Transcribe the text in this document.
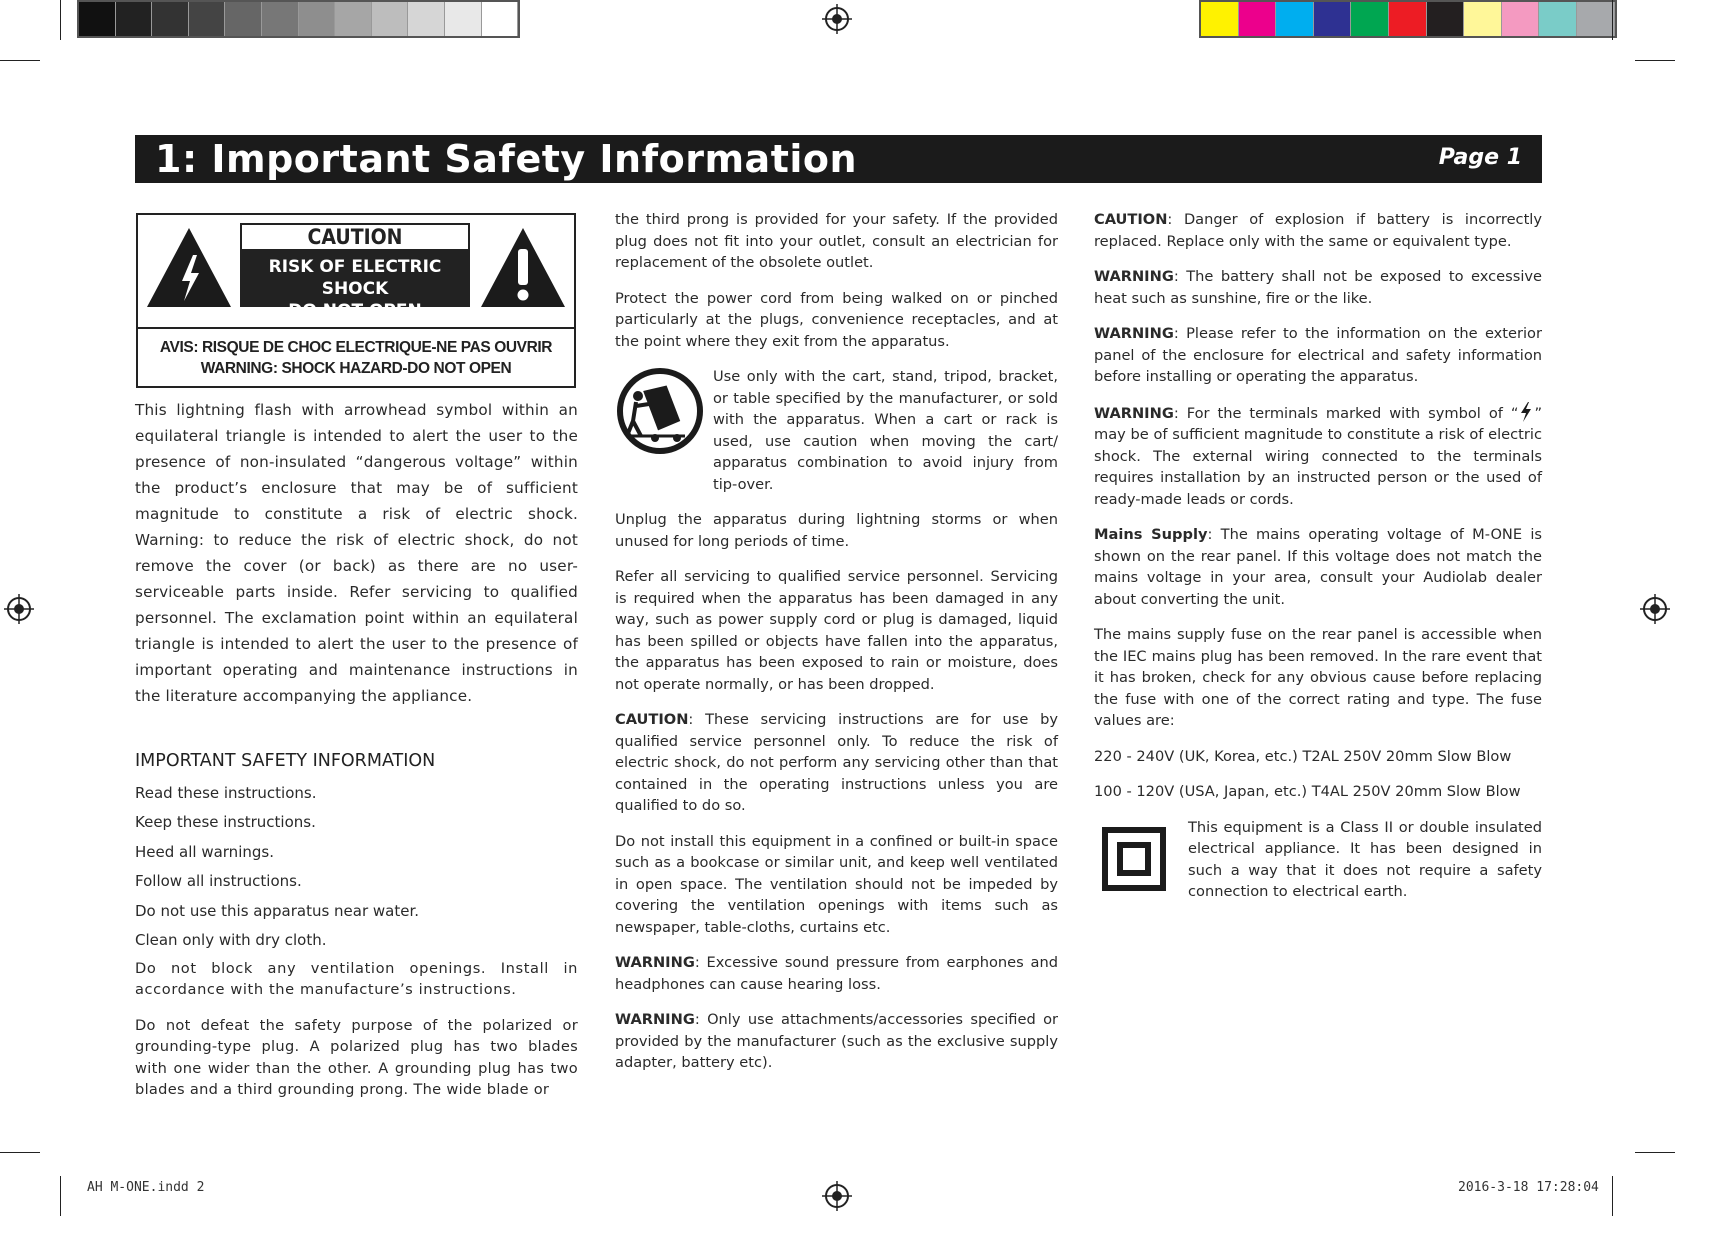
1: Important Safety Information	Page 1
CAUTION
RISK OF ELECTRIC SHOCK
DO NOT OPEN
AVIS: RISQUE DE CHOC ELECTRIQUE-NE PAS OUVRIR
WARNING: SHOCK HAZARD-DO NOT OPEN

This lightning flash with arrowhead symbol within an equilateral triangle is intended to alert the user to the presence of non-insulated “dangerous voltage” within the product’s enclosure that may be of sufficient magnitude to constitute a risk of electric shock. Warning: to reduce the risk of electric shock, do not remove the cover (or back) as there are no user-serviceable parts inside. Refer servicing to qualified personnel. The exclamation point within an equilateral triangle is intended to alert the user to the presence of important operating and maintenance instructions in the literature accompanying the appliance.

IMPORTANT SAFETY INFORMATION

Read these instructions.

Keep these instructions.

Heed all warnings.

Follow all instructions.

Do not use this apparatus near water.

Clean only with dry cloth.

Do not block any ventilation openings. Install in accordance with the manufacture’s instructions.

Do not defeat the safety purpose of the polarized or grounding-type plug. A polarized plug has two blades with one wider than the other. A grounding plug has two blades and a third grounding prong. The wide blade or

the third prong is provided for your safety. If the provided plug does not fit into your outlet, consult an electrician for replacement of the obsolete outlet.

Protect the power cord from being walked on or pinched particularly at the plugs, convenience receptacles, and at the point where they exit from the apparatus.

Use only with the cart, stand, tripod, bracket, or table specified by the manufacturer, or sold with the apparatus. When a cart or rack is used, use caution when moving the cart/ apparatus combination to avoid injury from tip-over.

Unplug the apparatus during lightning storms or when unused for long periods of time.

Refer all servicing to qualified service personnel. Servicing is required when the apparatus has been damaged in any way, such as power supply cord or plug is damaged, liquid has been spilled or objects have fallen into the apparatus, the apparatus has been exposed to rain or moisture, does not operate normally, or has been dropped.

CAUTION: These servicing instructions are for use by qualified service personnel only. To reduce the risk of electric shock, do not perform any servicing other than that contained in the operating instructions unless you are qualified to do so.

Do not install this equipment in a confined or built-in space such as a bookcase or similar unit, and keep well ventilated in open space. The ventilation should not be impeded by covering the ventilation openings with items such as newspaper, table-cloths, curtains etc.

WARNING: Excessive sound pressure from earphones and headphones can cause hearing loss.

WARNING: Only use attachments/accessories specified or provided by the manufacturer (such as the exclusive supply adapter, battery etc).

CAUTION: Danger of explosion if battery is incorrectly replaced. Replace only with the same or equivalent type.

WARNING: The battery shall not be exposed to excessive heat such as sunshine, fire or the like.

WARNING: Please refer to the information on the exterior panel of the enclosure for electrical and safety information before installing or operating the apparatus.

WARNING: For the terminals marked with symbol of “ ” may be of sufficient magnitude to constitute a risk of electric shock. The external wiring connected to the terminals requires installation by an instructed person or the used of ready-made leads or cords.

Mains Supply: The mains operating voltage of M-ONE is shown on the rear panel. If this voltage does not match the mains voltage in your area, consult your Audiolab dealer about converting the unit.

The mains supply fuse on the rear panel is accessible when the IEC mains plug has been removed. In the rare event that it has broken, check for any obvious cause before replacing the fuse with one of the correct rating and type. The fuse values are:

220 - 240V (UK, Korea, etc.) T2AL 250V 20mm Slow Blow

100 - 120V (USA, Japan, etc.) T4AL 250V 20mm Slow Blow

This equipment is a Class II or double insulated electrical appliance. It has been designed in such a way that it does not require a safety connection to electrical earth.

AH M-ONE.indd 2	2016-3-18 17:28:04
